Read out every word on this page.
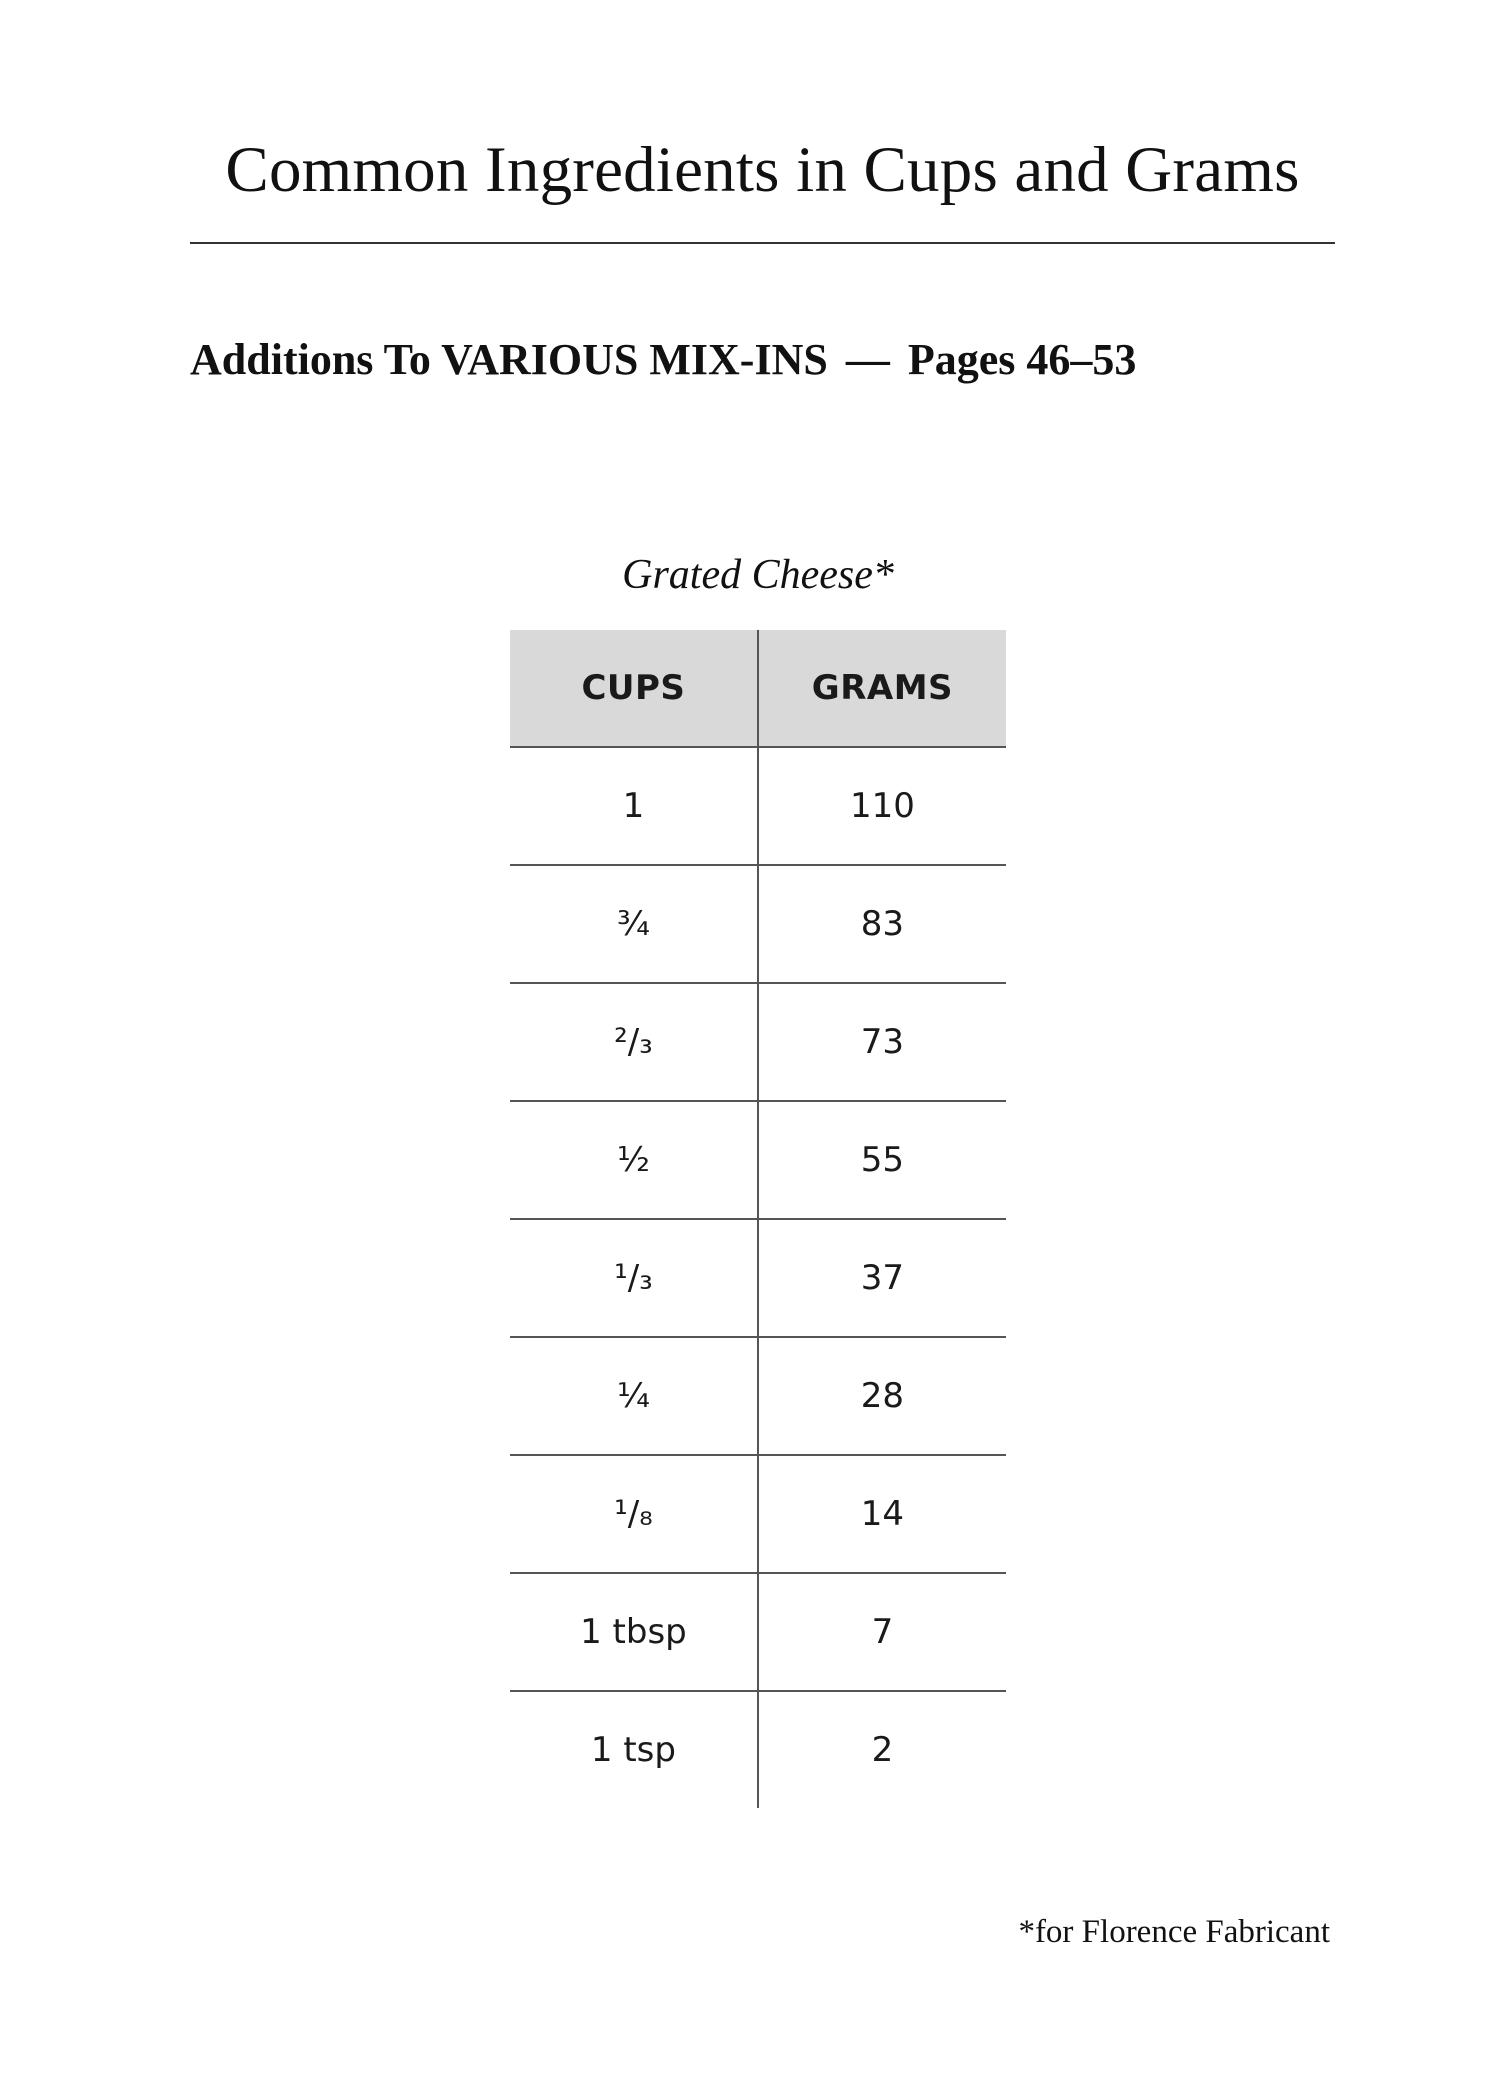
Common Ingredients in Cups and Grams
Additions To VARIOUS MIX-INS — Pages 46–53
Grated Cheese*
CUPS	GRAMS
1	110
¾	83
²/₃	73
½	55
¹/₃	37
¼	28
¹/₈	14
1 tbsp	7
1 tsp	2
*for Florence Fabricant
